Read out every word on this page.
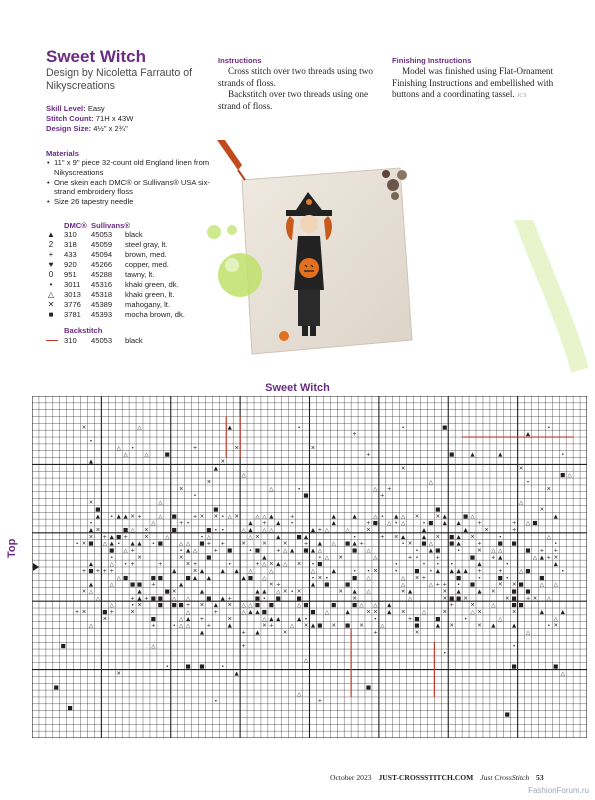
Sweet Witch
Design by Nicoletta Farrauto of Nikyscreations
Skill Level: Easy
Stitch Count: 71H x 43W
Design Size: 4½" x 2¾"
Materials
• 11" x 9" piece 32-count old England linen from Nikyscreations
• One skein each DMC® or Sullivans® USA six-strand embroidery floss
• Size 26 tapestry needle
DMC® Sullivans®
▲ 310 45053 black
2	318 45059 steel gray, lt.
+	433 45094 brown, med.
♥	920 45266 copper, med.
0	951 45288 tawny, lt.
•	3011 45316 khaki green, dk.
△ 3013 45318 khaki green, lt.
✕ 3776 45389 mahogany, lt.
■	3781 45393 mocha brown, dk.
Backstitch
310 45053 black
Instructions

Cross stitch over two threads using two strands of floss.

Backstitch over two threads using one strand of floss.

Finishing Instructions

Model was finished using Flat-Ornament Finishing Instructions and embellished with buttons and a coordinating tassel. JCS

Sweet Witch
Top
✕	△	▲	•	•	■	•
+	▲
•
△ •	+	✕	✕
△	△	■	+	■	▲	▲	•
▲	✕
▲	✕	✕
△	■ △
✕	△	•
✕	△	•	△ +	✕
•	■	+
✕	△	△
■	■	■	✕
▲ • ▲ ▲ ✕ +	△ ■	+ ✕ ✕ • △ ✕	△ △ ▲	+	▲	▲	△ • ▲ △ ✕	✕ ▲	■ △	▲
•	△	+ •	▲ + ▲ •	▲	+ ■ △ • △	• ■ ▲ ▲	+	+ △ ■
▲ ✕	■ △ ✕	■	■ • •	△ ▲ △ △	▲ + △	△	✕	▲	▲	✕	+
✕ + ▲ ■ +	✕	△	• △	△ ✕	▲	■ ▲	•	+ ✕ ▲	▲ ✕ ■ ▲ ✕	•	△
• ✕ ■ △ ▲ • ▲ ▲ • ■	△ △ ■ + +	✕	✕	✕	+ ▲ △ ■ ▲ +	• ✕ ■ △	■ ▲	+	■ ■	•
■ △ +	• ▲ △	+ ■	• ■	+ △ ▲ ■ ▲ △	■ △	• ▲ ■	•	✕ △ △	■ + +
•	✕	✕	■	▲	• △ ✕	△	+ •	+	■	+ ▲	△ ▲ + ✕
▲	△ • +	+	✕ +	•	+ △ ✕ ▲ △ ✕ • ■	•	• • •	▲	•	▲
+ ■ + + +	▲	✕ ▲	▲ ▲ △	△	△	▲	• • ✕	•	■ • ▲ ▲ ▲ ▲ +	+	△ ■	•
△ ■	■ ■	■ ▲ ▲	▲ ■ △	• ✕ •	■ △	△ ✕ +	■	•	■ •	■
▲	△	■ ■ +	▲	✕ +	▲ ■	■	△	△ + + • ■	✕ ✕ ■	△ △
✕ △	▲	■ ✕	▲	▲ ▲ △ ✕ • ✕	✕ ▲ △	✕ ▲	✕ ▲	▲ ✕	■ ■
△	+ ▲ + ■ ■ △ △	■ ▲ +	■ • ■	■	✕	△	✕ ■ ■ ✕	✕ ■ + ✕ △
△	• ✕	■ ■ ■ + ✕ ▲ ✕ △ △ ■ ■	△ ■	■	■ △ △ ▲	+	✕	△	■ ■
+ ✕	■ +	✕	△	+	△ ▲ ▲ ■	■ △	▲	✕ ✕ ▲ ✕	△	✕	△ ✕	✕	▲	▲
✕	■	△ ▲ +	✕	△ ▲ ▲	▲ •	•	+ ■	■	•	△	△
△	+	• △ △	+	▲	✕ +	△ ✕ ▲ ■ ✕ ■ ✕	△	■	▲ ✕	✕ ▲	▲	• ✕
▲	+ ▲	✕	+	✕	△
■	△	+	•
•
△
•	■ ■	•	■	■
✕	▲	△
■	■
△
•	+
■
■
October 2023 JUST-CROSSSTITCH.COM Just CrossStitch 53
FashionForum.ru
